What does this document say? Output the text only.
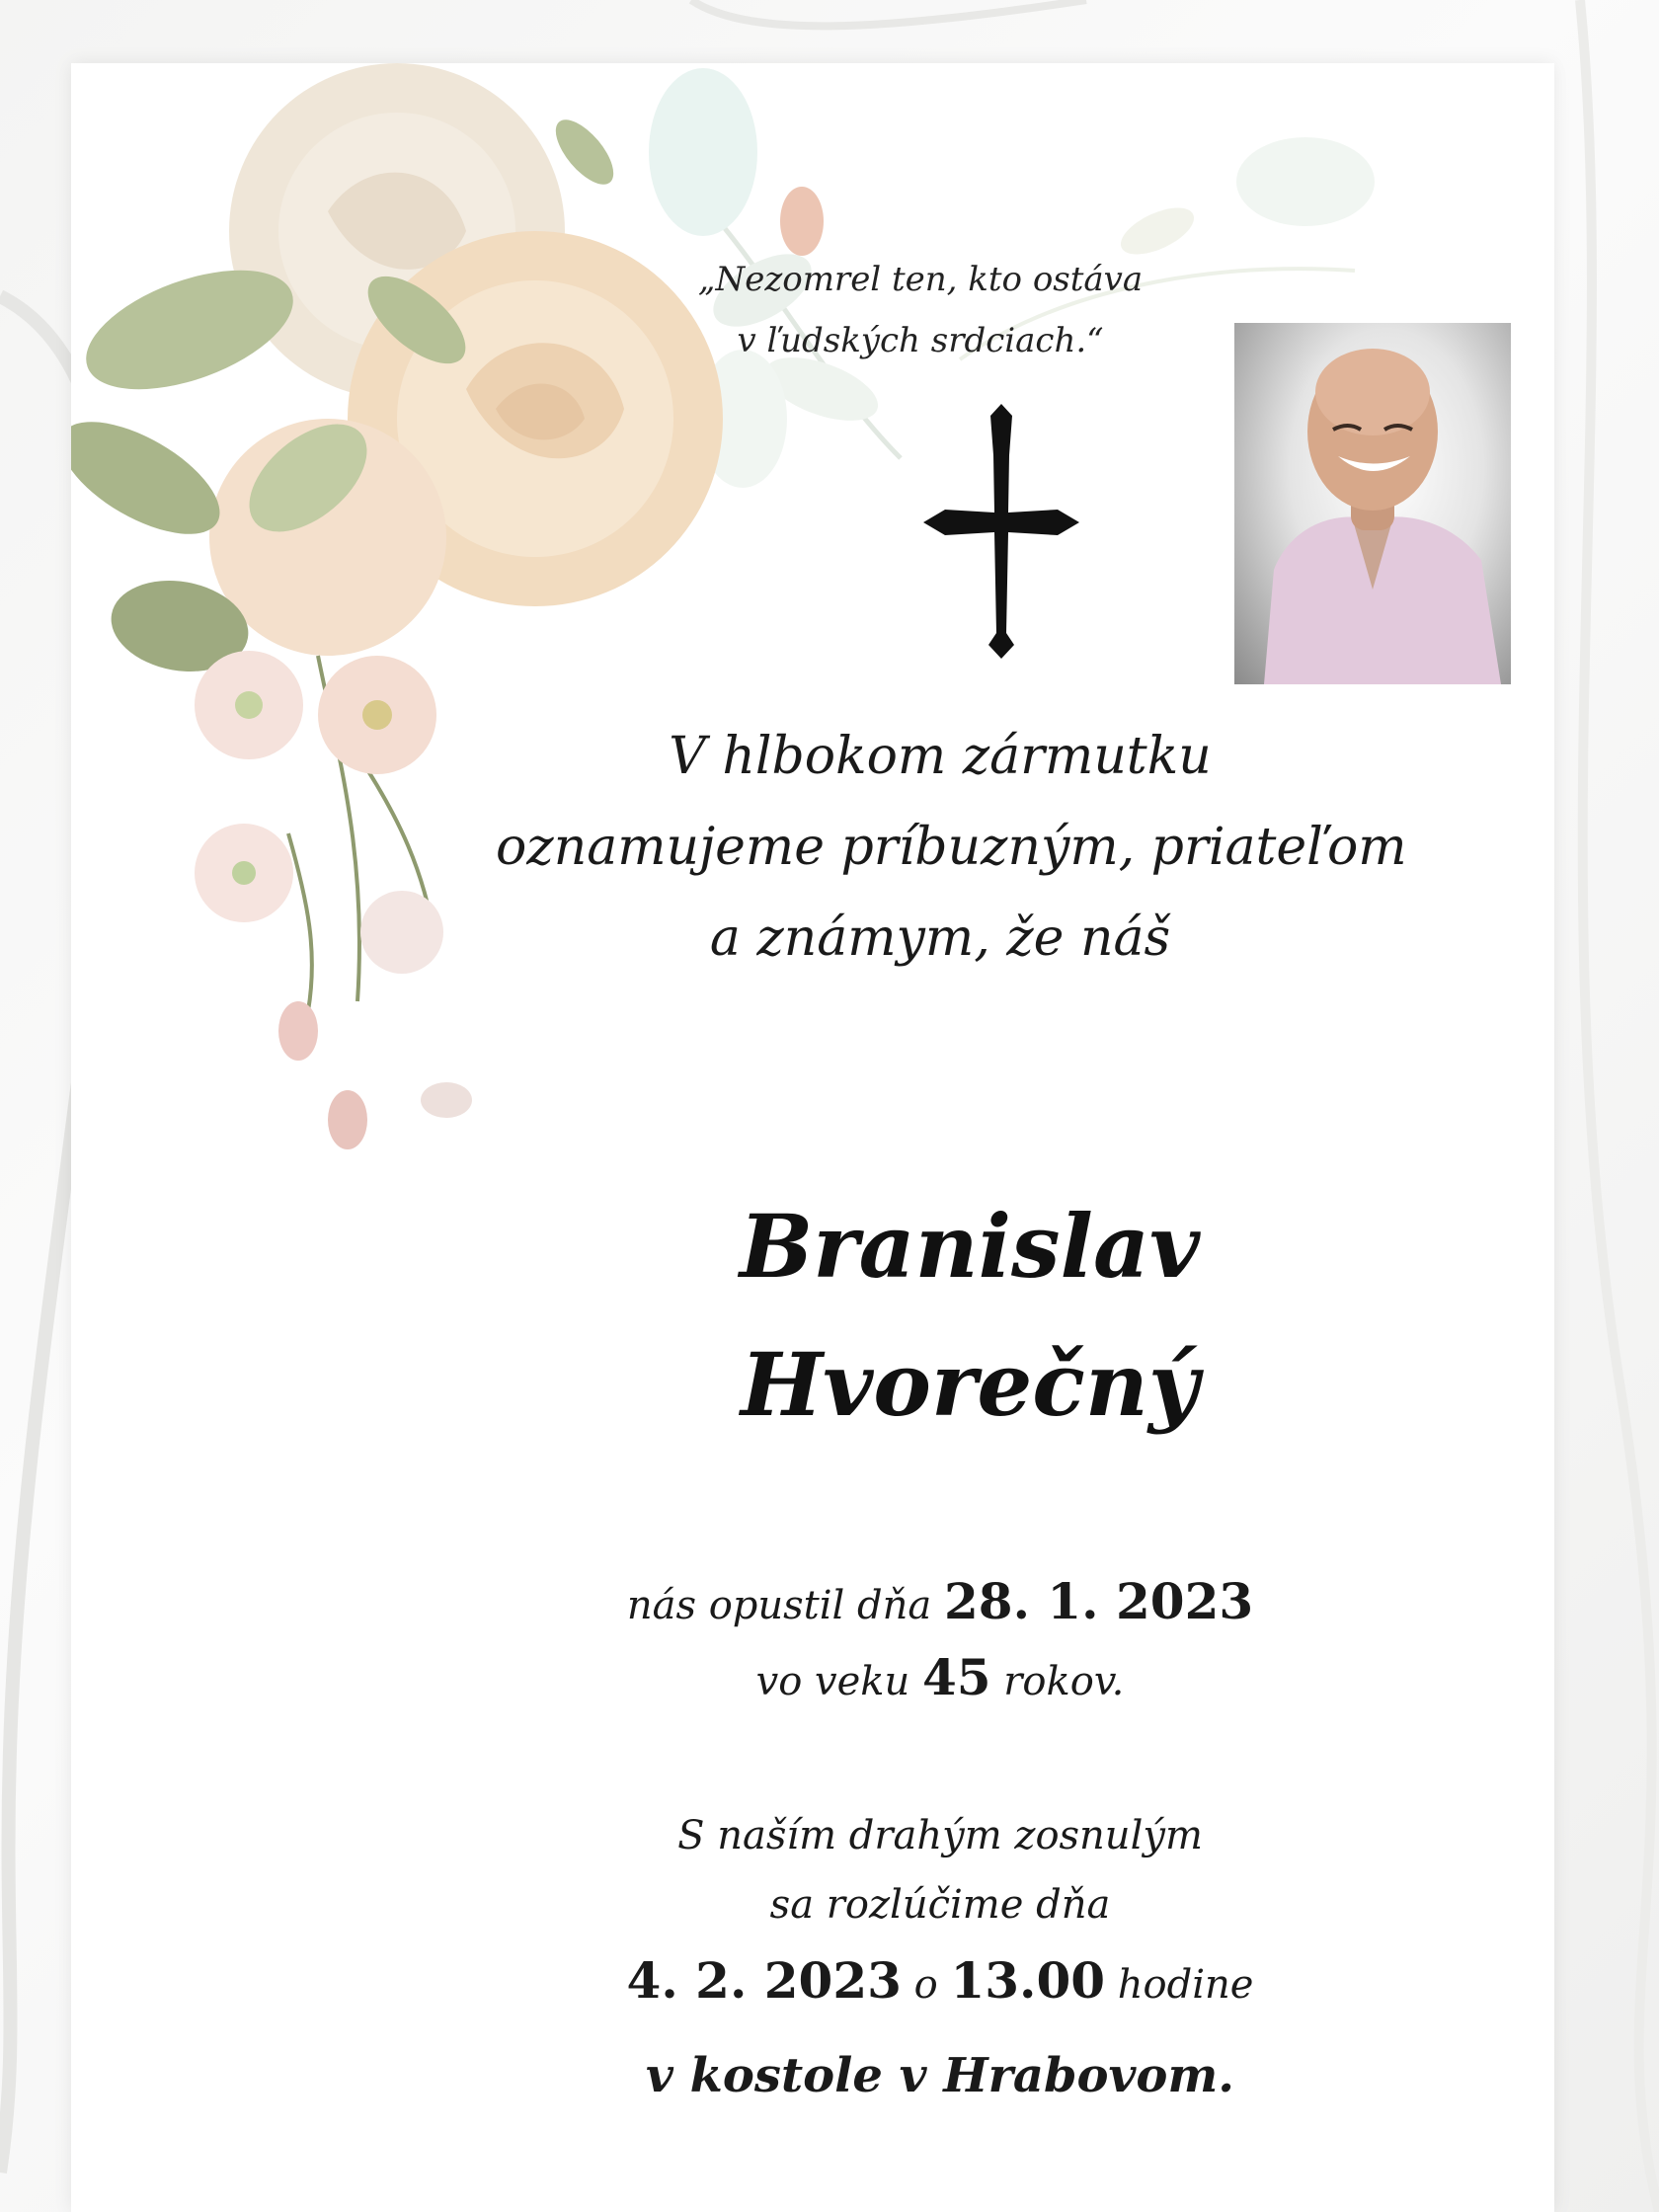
„Nezomrel ten, kto ostáva
v ľudských srdciach.“
V hlbokom zármutku
oznamujeme príbuzným, priateľom
a známym, že náš
Branislav
Hvorečný
nás opustil dňa 28. 1. 2023
vo veku 45 rokov.
S naším drahým zosnulým
sa rozlúčime dňa
4. 2. 2023 o 13.00 hodine
v kostole v Hrabovom.
